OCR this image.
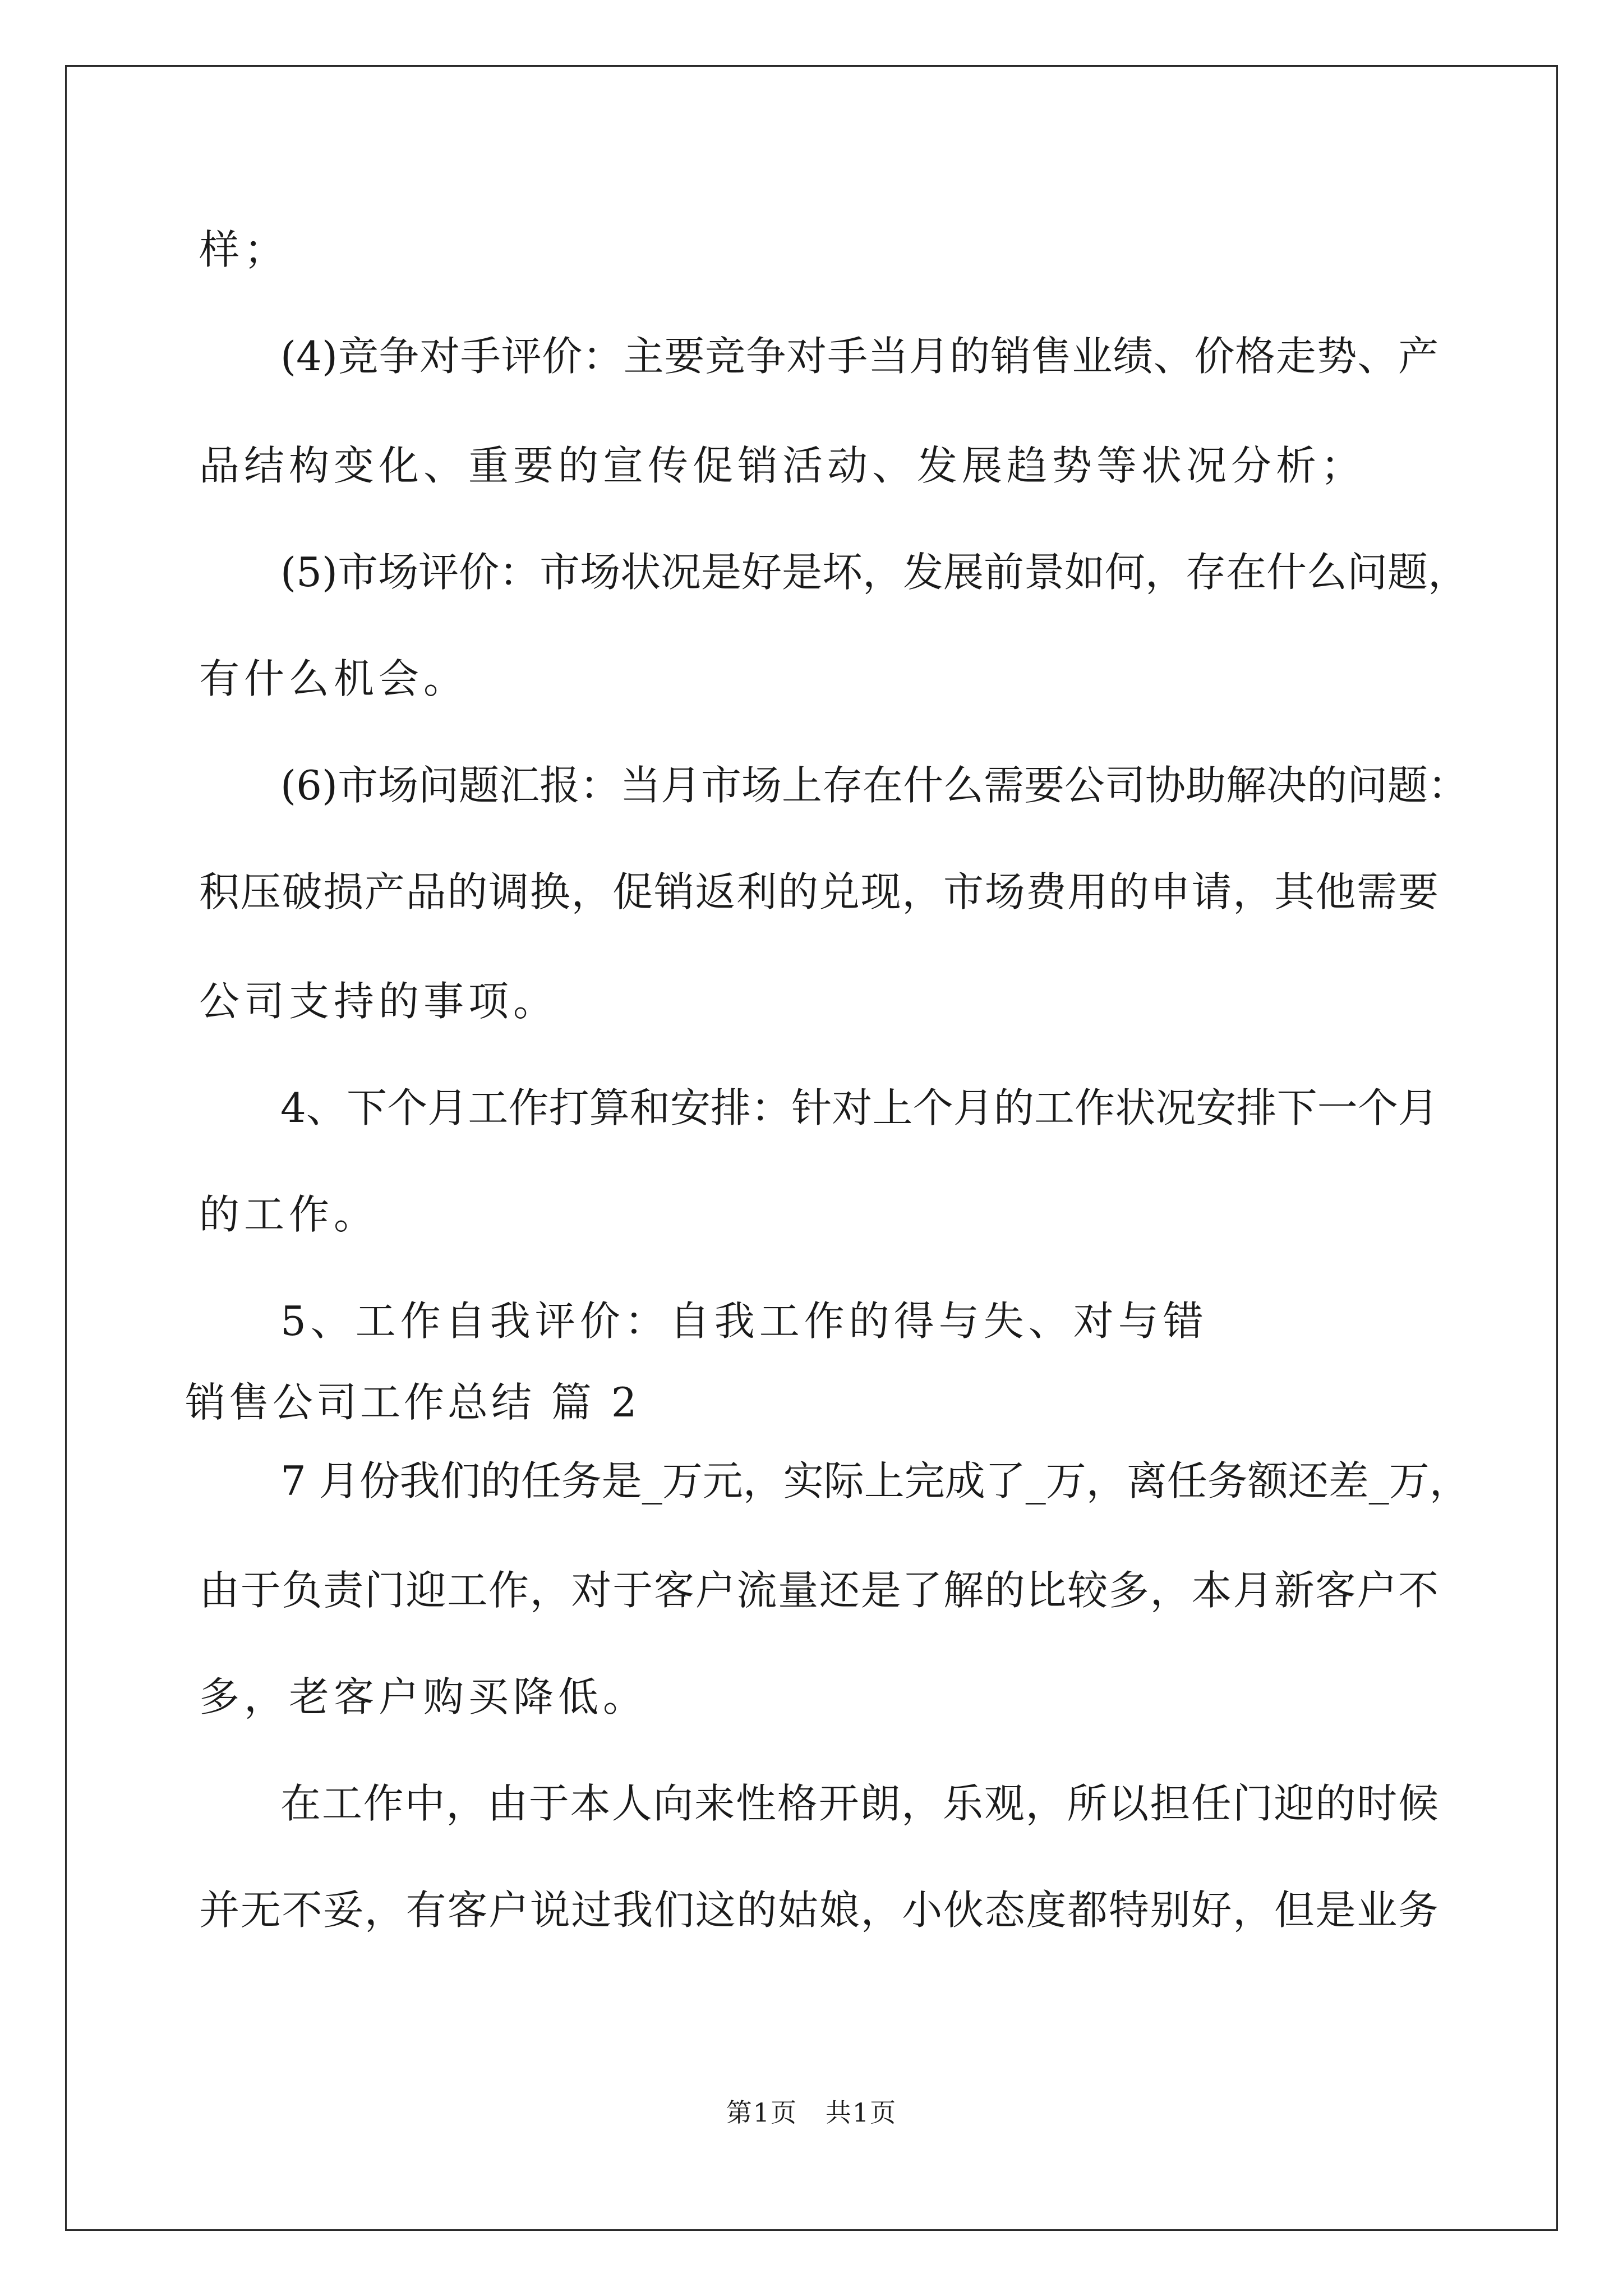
样；
(4)竞争对手评价：主要竞争对手当月的销售业绩、价格走势、产
品结构变化、重要的宣传促销活动、发展趋势等状况分析；
(5)市场评价：市场状况是好是坏，发展前景如何，存在什么问题，
有什么机会。
(6)市场问题汇报：当月市场上存在什么需要公司协助解决的问题：
积压破损产品的调换，促销返利的兑现，市场费用的申请，其他需要
公司支持的事项。
4、下个月工作打算和安排：针对上个月的工作状况安排下一个月
的工作。
5、工作自我评价：自我工作的得与失、对与错
销售公司工作总结 篇 2
7 月份我们的任务是_万元，实际上完成了_万，离任务额还差_万，
由于负责门迎工作，对于客户流量还是了解的比较多，本月新客户不
多，老客户购买降低。
在工作中，由于本人向来性格开朗，乐观，所以担任门迎的时候
并无不妥，有客户说过我们这的姑娘，小伙态度都特别好，但是业务
第1页   共1页
